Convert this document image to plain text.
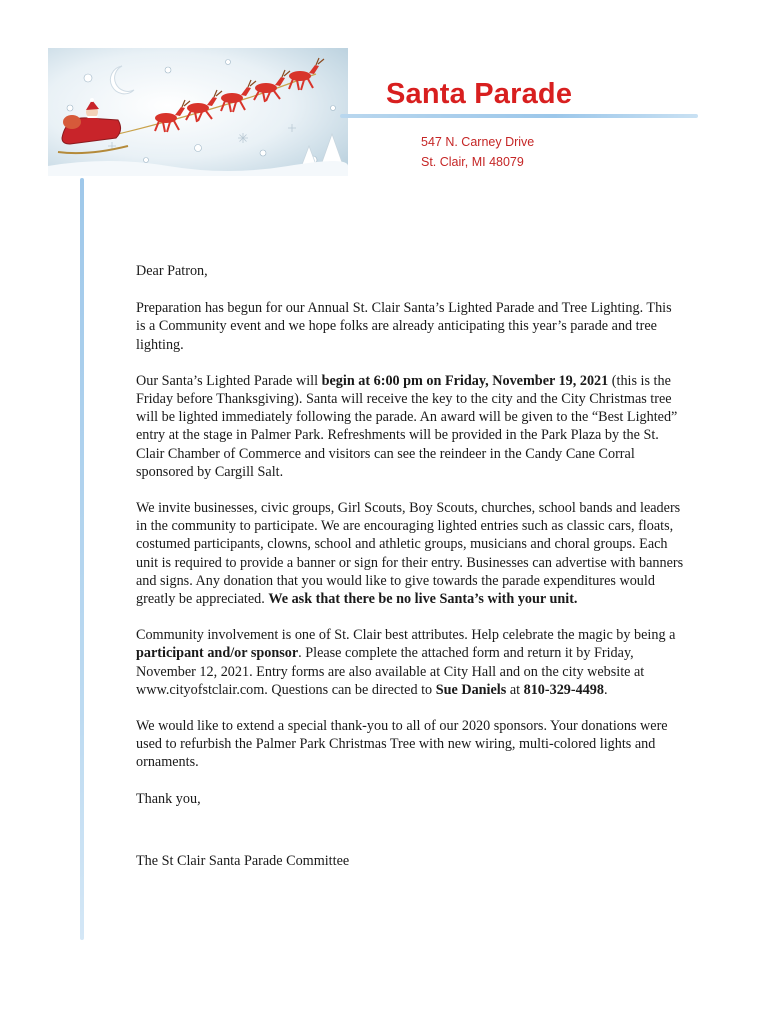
Santa Parade
547 N. Carney Drive
St. Clair, MI 48079

Dear Patron,

Preparation has begun for our Annual St. Clair Santa’s Lighted Parade and Tree Lighting. This is a Community event and we hope folks are already anticipating this year’s parade and tree lighting.

Our Santa’s Lighted Parade will begin at 6:00 pm on Friday, November 19, 2021 (this is the Friday before Thanksgiving). Santa will receive the key to the city and the City Christmas tree will be lighted immediately following the parade. An award will be given to the “Best Lighted” entry at the stage in Palmer Park. Refreshments will be provided in the Park Plaza by the St. Clair Chamber of Commerce and visitors can see the reindeer in the Candy Cane Corral sponsored by Cargill Salt.

We invite businesses, civic groups, Girl Scouts, Boy Scouts, churches, school bands and leaders in the community to participate. We are encouraging lighted entries such as classic cars, floats, costumed participants, clowns, school and athletic groups, musicians and choral groups. Each unit is required to provide a banner or sign for their entry. Businesses can advertise with banners and signs. Any donation that you would like to give towards the parade expenditures would greatly be appreciated. We ask that there be no live Santa’s with your unit.

Community involvement is one of St. Clair best attributes. Help celebrate the magic by being a participant and/or sponsor. Please complete the attached form and return it by Friday, November 12, 2021. Entry forms are also available at City Hall and on the city website at www.cityofstclair.com. Questions can be directed to Sue Daniels at 810-329-4498.

We would like to extend a special thank-you to all of our 2020 sponsors. Your donations were used to refurbish the Palmer Park Christmas Tree with new wiring, multi-colored lights and ornaments.

Thank you,

The St Clair Santa Parade Committee
